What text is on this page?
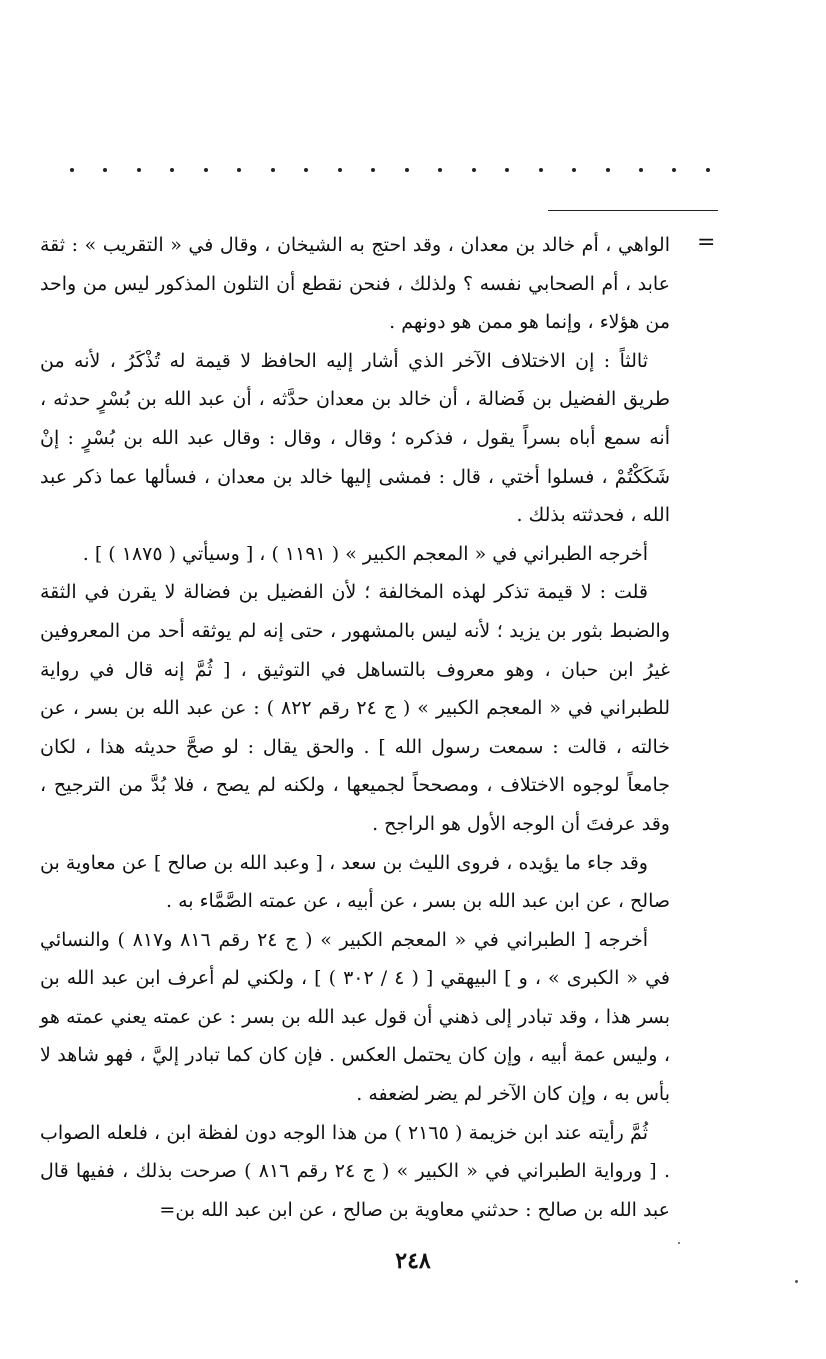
=

الواهي ، أم خالد بن معدان ، وقد احتج به الشيخان ، وقال في « التقريب » : ثقة عابد ، أم الصحابي نفسه ؟ ولذلك ، فنحن نقطع أن التلون المذكور ليس من واحد من هؤلاء ، وإنما هو ممن هو دونهم .

ثالثاً : إن الاختلاف الآخر الذي أشار إليه الحافظ لا قيمة له تُذْكَرُ ، لأنه من طريق الفضيل بن فَضالة ، أن خالد بن معدان حدَّثه ، أن عبد الله بن بُسْرٍ حدثه ، أنه سمع أباه بسراً يقول ، فذكره ؛ وقال ، وقال : وقال عبد الله بن بُسْرٍ : إنْ شَكَكْتُمْ ، فسلوا أختي ، قال : فمشى إليها خالد بن معدان ، فسألها عما ذكر عبد الله ، فحدثته بذلك .

أخرجه الطبراني في « المعجم الكبير » ( ١١٩١ ) ، [ وسيأتي ( ١٨٧٥ ) ] .

قلت : لا قيمة تذكر لهذه المخالفة ؛ لأن الفضيل بن فضالة لا يقرن في الثقة والضبط بثور بن يزيد ؛ لأنه ليس بالمشهور ، حتى إنه لم يوثقه أحد من المعروفين غيرُ ابن حبان ، وهو معروف بالتساهل في التوثيق ، [ ثُمَّ إنه قال في رواية للطبراني في « المعجم الكبير » ( ج ٢٤ رقم ٨٢٢ ) : عن عبد الله بن بسر ، عن خالته ، قالت : سمعت رسول الله ] . والحق يقال : لو صحَّ حديثه هذا ، لكان جامعاً لوجوه الاختلاف ، ومصححاً لجميعها ، ولكنه لم يصح ، فلا بُدَّ من الترجيح ، وقد عرفتَ أن الوجه الأول هو الراجح .

وقد جاء ما يؤيده ، فروى الليث بن سعد ، [ وعبد الله بن صالح ] عن معاوية بن صالح ، عن ابن عبد الله بن بسر ، عن أبيه ، عن عمته الصَّمَّاء به .

أخرجه [ الطبراني في « المعجم الكبير » ( ج ٢٤ رقم ٨١٦ و٨١٧ ) والنسائي في « الكبرى » ، و ] البيهقي [ ( ٤ / ٣٠٢ ) ] ، ولكني لم أعرف ابن عبد الله بن بسر هذا ، وقد تبادر إلى ذهني أن قول عبد الله بن بسر : عن عمته يعني عمته هو ، وليس عمة أبيه ، وإن كان يحتمل العكس . فإن كان كما تبادر إليَّ ، فهو شاهد لا بأس به ، وإن كان الآخر لم يضر لضعفه .

ثُمَّ رأيته عند ابن خزيمة ( ٢١٦٥ ) من هذا الوجه دون لفظة ابن ، فلعله الصواب . [ ورواية الطبراني في « الكبير » ( ج ٢٤ رقم ٨١٦ ) صرحت بذلك ، ففيها قال عبد الله بن صالح : حدثني معاوية بن صالح ، عن ابن عبد الله بن=

٢٤٨
